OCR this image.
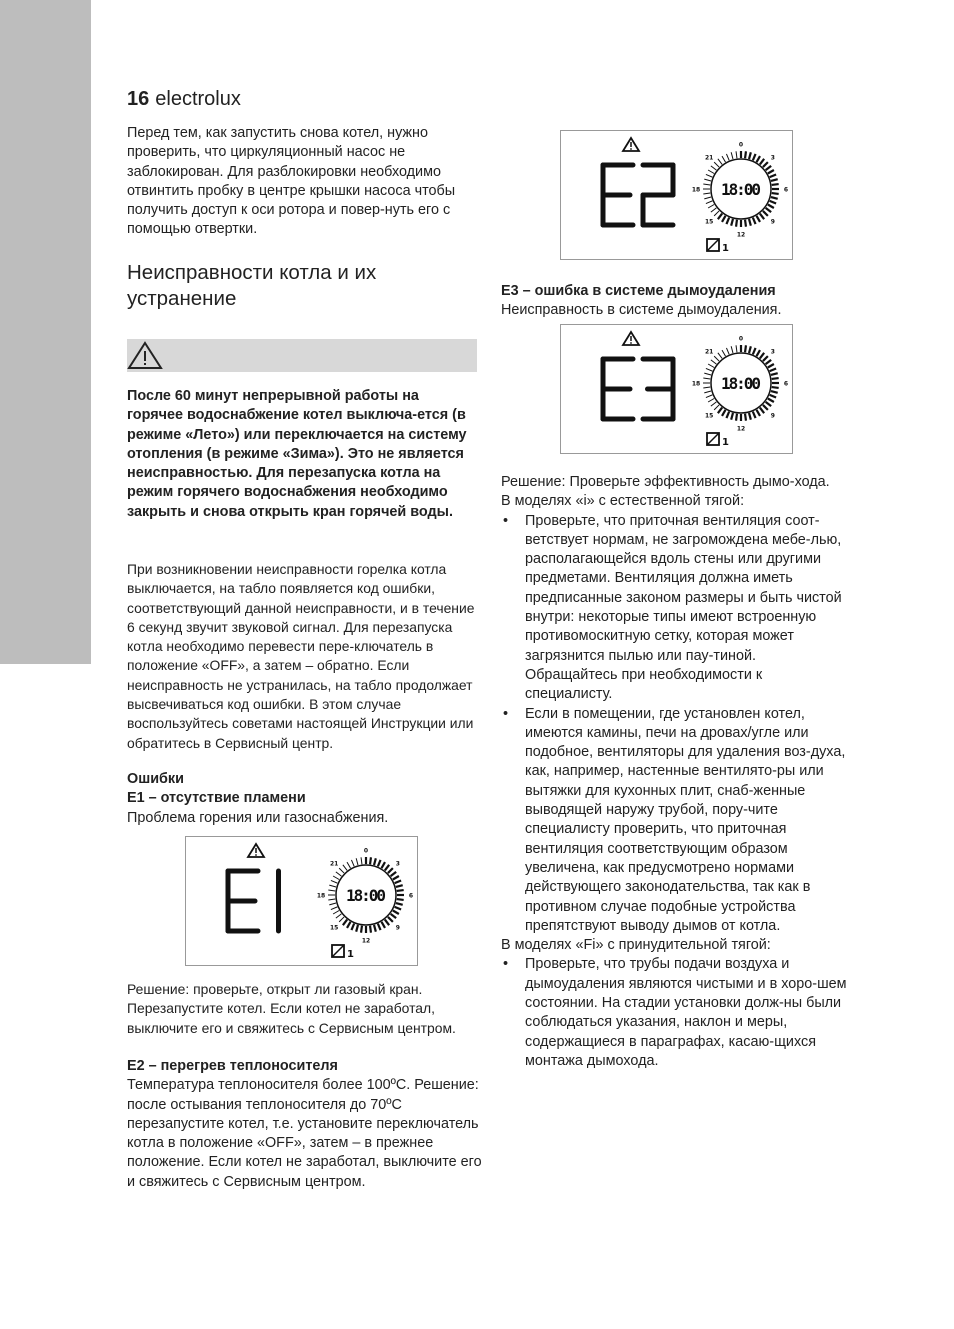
16 electrolux

Перед тем, как запустить снова котел, нужно проверить, что циркуляционный насос не заблокирован. Для разблокировки необходимо отвинтить пробку в центре крышки насоса чтобы получить доступ к оси ротора и повер-нуть его с помощью отвертки.

Неисправности котла и их устранение

После 60 минут непрерывной работы на горячее водоснабжение котел выключа-ется (в режиме «Лето») или переключается на систему отопления (в режиме «Зима»). Это не является неисправностью. Для перезапуска котла на режим горячего водоснабжения необходимо закрыть и снова открыть кран горячей воды.

При возникновении неисправности горелка котла выключается, на табло появляется код ошибки, соответствующий данной неисправности, и в течение 6 секунд звучит звуковой сигнал. Для перезапуска котла необходимо перевести пере-ключатель в положение «OFF», а затем – обратно. Если неисправность не устранилась, на табло продолжает высвечиваться код ошибки. В этом случае воспользуйтесь советами настоящей Инструкции или обратитесь в Сервисный центр.

Ошибки

E1 – отсутствие пламени

Проблема горения или газоснабжения.

0
3
6
9
12
15
18
21
18:00
1

Решение: проверьте, открыт ли газовый кран. Перезапустите котел. Если котел не заработал, выключите его и свяжитесь с Сервисным центром.

E2 – перегрев теплоносителя

Температура теплоносителя более 100ºC. Решение: после остывания теплоносителя до 70ºC перезапустите котел, т.е. установите переключатель котла в положение «OFF», затем – в прежнее положение. Если котел не заработал, выключите его и свяжитесь с Сервисным центром.

0
3
6
9
12
15
18
21
18:00
1

E3 – ошибка в системе дымоудаления

Неисправность в системе дымоудаления.

0
3
6
9
12
15
18
21
18:00
1

Решение: Проверьте эффективность дымо-хода.

В моделях «i» с естественной тягой:

• Проверьте, что приточная вентиляция соот-ветствует нормам, не загромождена мебе-лью, располагающейся вдоль стены или другими предметами. Вентиляция должна иметь предписанные законом размеры и быть чистой внутри: некоторые типы имеют встроенную противомоскитную сетку, которая может загрязнится пылью или пау-тиной. Обращайтесь при необходимости к специалисту.
• Если в помещении, где установлен котел, имеются камины, печи на дровах/угле или подобное, вентиляторы для удаления воз-духа, как, например, настенные вентилято-ры или вытяжки для кухонных плит, снаб-женные выводящей наружу трубой, пору-чите специалисту проверить, что приточная вентиляция соответствующим образом увеличена, как предусмотрено нормами действующего законодательства, так как в противном случае подобные устройства препятствуют выводу дымов от котла.

В моделях «Fi» с принудительной тягой:

• Проверьте, что трубы подачи воздуха и дымоудаления являются чистыми и в хоро-шем состоянии. На стадии установки долж-ны были соблюдаться указания, наклон и меры, содержащиеся в параграфах, касаю-щихся монтажа дымохода.
